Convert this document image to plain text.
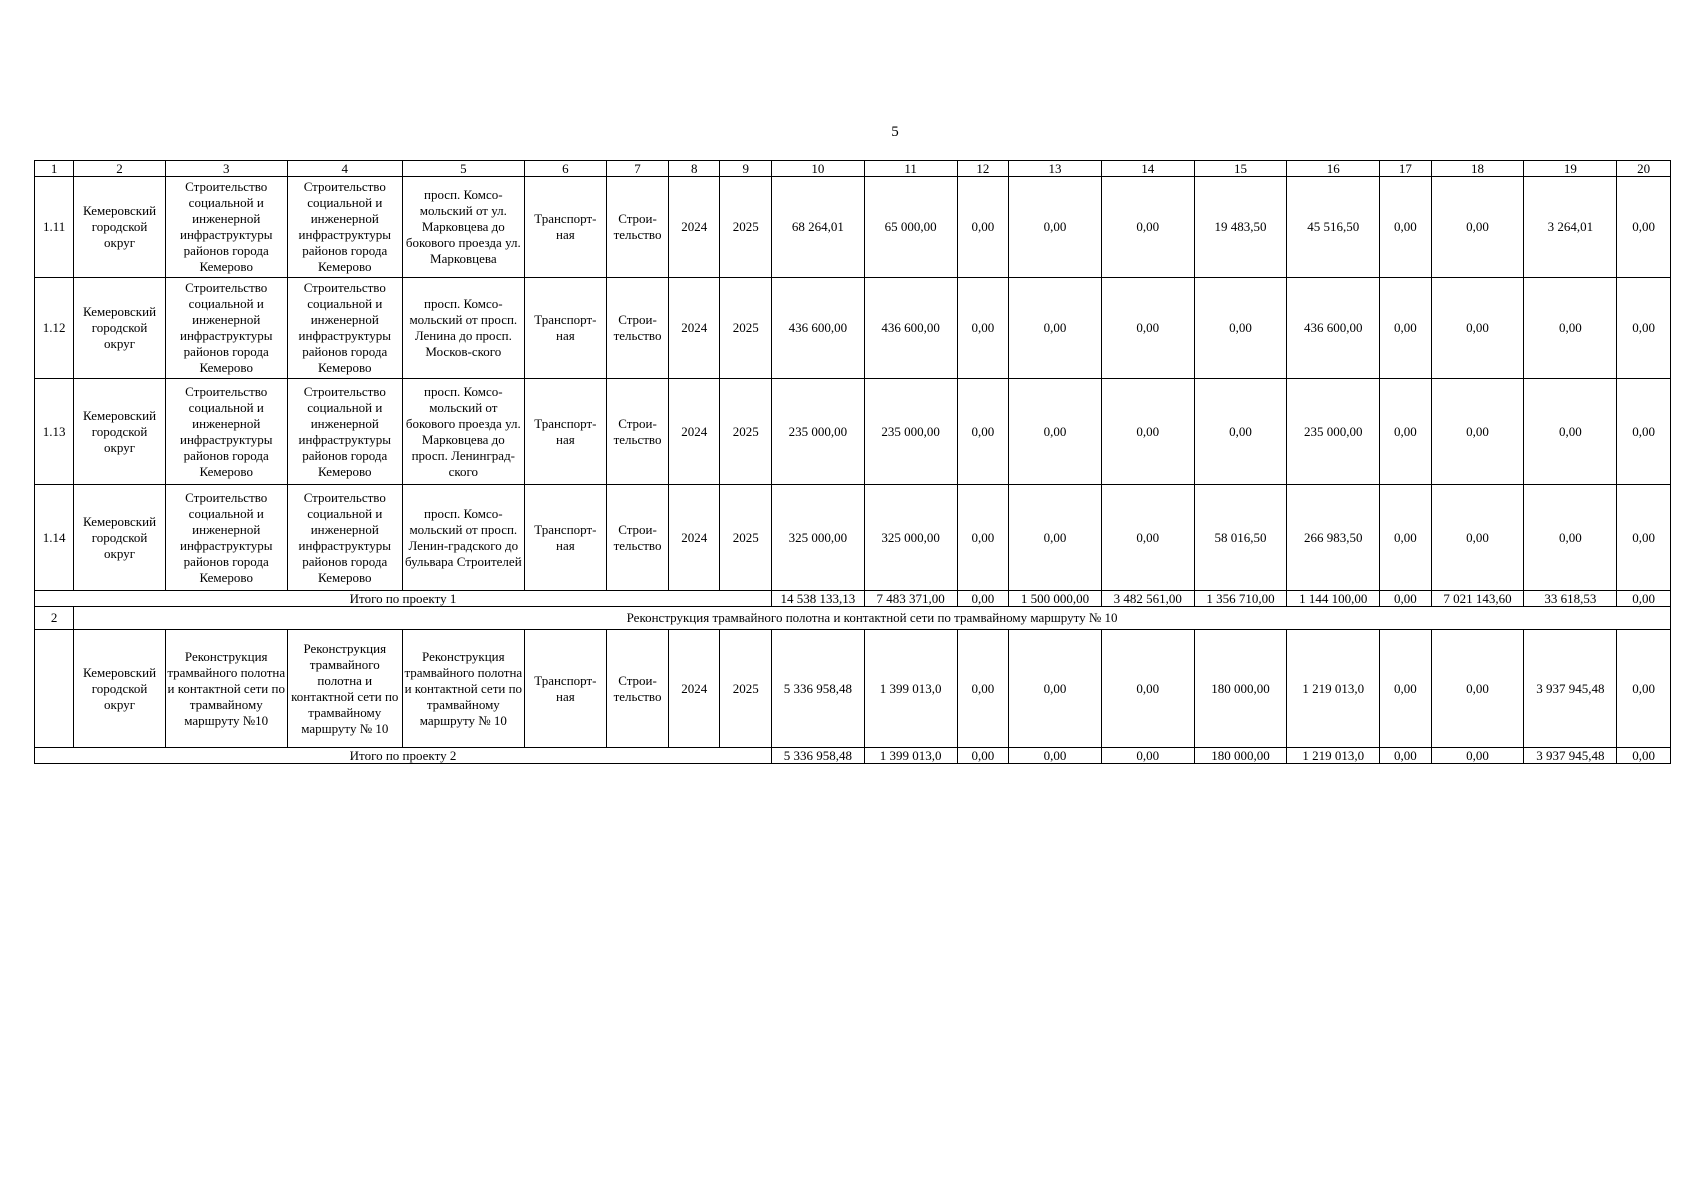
5
1	2	3	4	5	6	7	8	9	10	11	12	13	14	15	16	17	18	19	20
1.11	Кемеровский городской округ	Строительство социальной и инженерной инфраструктуры районов города Кемерово	Строительство социальной и инженерной инфраструктуры районов города Кемерово	просп. Комсо-мольский от ул. Марковцева до бокового проезда ул. Марковцева	Транспорт-ная	Строи-тельство	2024	2025	68 264,01	65 000,00	0,00	0,00	0,00	19 483,50	45 516,50	0,00	0,00	3 264,01	0,00
1.12	Кемеровский городской округ	Строительство социальной и инженерной инфраструктуры районов города Кемерово	Строительство социальной и инженерной инфраструктуры районов города Кемерово	просп. Комсо-мольский от просп. Ленина до просп. Москов-ского	Транспорт-ная	Строи-тельство	2024	2025	436 600,00	436 600,00	0,00	0,00	0,00	0,00	436 600,00	0,00	0,00	0,00	0,00
1.13	Кемеровский городской округ	Строительство социальной и инженерной инфраструктуры районов города Кемерово	Строительство социальной и инженерной инфраструктуры районов города Кемерово	просп. Комсо-мольский от бокового проезда ул. Марковцева до просп. Ленинград-ского	Транспорт-ная	Строи-тельство	2024	2025	235 000,00	235 000,00	0,00	0,00	0,00	0,00	235 000,00	0,00	0,00	0,00	0,00
1.14	Кемеровский городской округ	Строительство социальной и инженерной инфраструктуры районов города Кемерово	Строительство социальной и инженерной инфраструктуры районов города Кемерово	просп. Комсо-мольский от просп. Ленин-градского до бульвара Строителей	Транспорт-ная	Строи-тельство	2024	2025	325 000,00	325 000,00	0,00	0,00	0,00	58 016,50	266 983,50	0,00	0,00	0,00	0,00
Итого по проекту 1									14 538 133,13	7 483 371,00	0,00	1 500 000,00	3 482 561,00	1 356 710,00	1 144 100,00	0,00	7 021 143,60	33 618,53	0,00
2	Реконструкция трамвайного полотна и контактной сети по трамвайному маршруту № 10																		
	Кемеровский городской округ	Реконструкция трамвайного полотна и контактной сети по трамвайному маршруту №10	Реконструкция трамвайного полотна и контактной сети по трамвайному маршруту № 10	Реконструкция трамвайного полотна и контактной сети по трамвайному маршруту № 10	Транспорт-ная	Строи-тельство	2024	2025	5 336 958,48	1 399 013,0	0,00	0,00	0,00	180 000,00	1 219 013,0	0,00	0,00	3 937 945,48	0,00
Итого по проекту 2									5 336 958,48	1 399 013,0	0,00	0,00	0,00	180 000,00	1 219 013,0	0,00	0,00	3 937 945,48	0,00
